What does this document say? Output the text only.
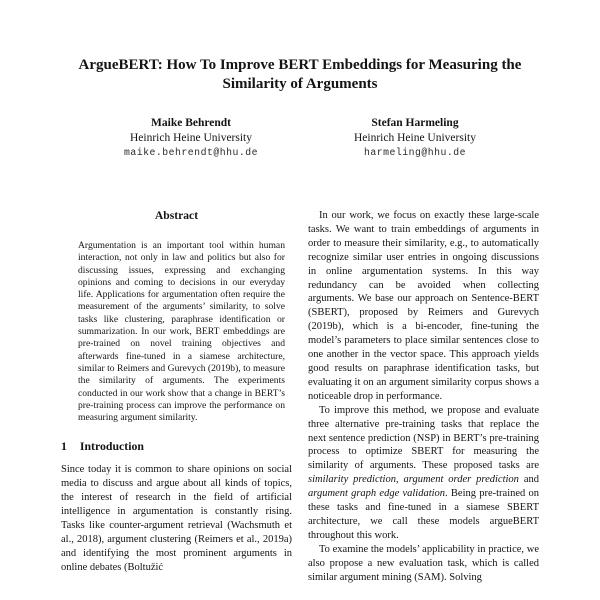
ArgueBERT: How To Improve BERT Embeddings for Measuring the
Similarity of Arguments
Maike Behrendt
Heinrich Heine University
maike.behrendt@hhu.de
Stefan Harmeling
Heinrich Heine University
harmeling@hhu.de
Abstract

Argumentation is an important tool within human interaction, not only in law and politics but also for discussing issues, expressing and exchanging opinions and coming to decisions in our everyday life. Applications for argumentation often require the measurement of the arguments’ similarity, to solve tasks like clustering, paraphrase identification or summarization. In our work, BERT embeddings are pre-trained on novel training objectives and afterwards fine-tuned in a siamese architecture, similar to Reimers and Gurevych (2019b), to measure the similarity of arguments. The experiments conducted in our work show that a change in BERT’s pre-training process can improve the performance on measuring argument similarity.

1 Introduction

Since today it is common to share opinions on social media to discuss and argue about all kinds of topics, the interest of research in the field of artificial intelligence in argumentation is constantly rising. Tasks like counter-argument retrieval (Wachsmuth et al., 2018), argument clustering (Reimers et al., 2019a) and identifying the most prominent arguments in online debates (Boltužić

In our work, we focus on exactly these large-scale tasks. We want to train embeddings of arguments in order to measure their similarity, e.g., to automatically recognize similar user entries in ongoing discussions in online argumentation systems. In this way redundancy can be avoided when collecting arguments. We base our approach on Sentence-BERT (SBERT), proposed by Reimers and Gurevych (2019b), which is a bi-encoder, fine-tuning the model’s parameters to place similar sentences close to one another in the vector space. This approach yields good results on paraphrase identification tasks, but evaluating it on an argument similarity corpus shows a noticeable drop in performance.

To improve this method, we propose and evaluate three alternative pre-training tasks that replace the next sentence prediction (NSP) in BERT’s pre-training process to optimize SBERT for measuring the similarity of arguments. These proposed tasks are similarity prediction, argument order prediction and argument graph edge validation. Being pre-trained on these tasks and fine-tuned in a siamese SBERT architecture, we call these models argueBERT throughout this work.

To examine the models’ applicability in practice, we also propose a new evaluation task, which is called similar argument mining (SAM). Solving
